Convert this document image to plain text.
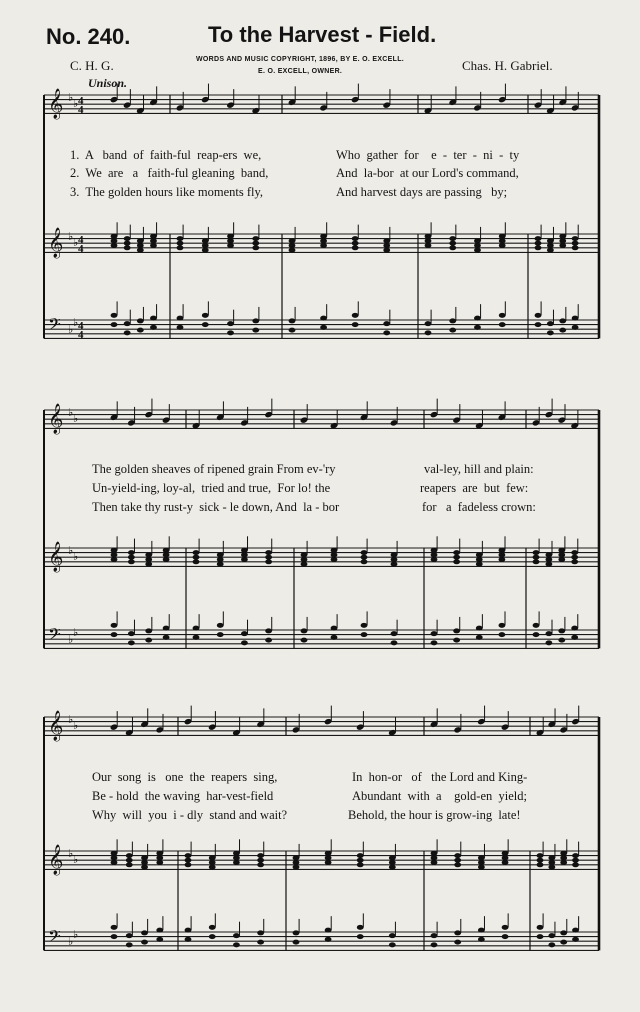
No. 240.	To the Harvest - Field.
WORDS AND MUSIC COPYRIGHT, 1896, BY E. O. EXCELL.
E. O. EXCELL, OWNER.
C. H. G.
Unison.
Chas. H. Gabriel.
𝄞 ♭ ♭ 4
4
𝄞 ♭ ♭ 4
4
𝄢 ♭
♭ 4
4
𝄞 ♭ ♭
𝄞 ♭ ♭
𝄢 ♭
♭
𝄞 ♭ ♭
𝄞 ♭ ♭
𝄢 ♭
♭
1.  A   band  of  faith-ful  reap-ers  we,	Who  gather  for    e  -  ter  -  ni  -  ty
2.  We  are   a   faith-ful gleaning  band,	And  la-bor  at our Lord's command,
3.  The golden hours like moments fly,	And harvest days are passing   by;
The golden sheaves of ripened grain From ev-'ry	val-ley, hill and plain:
Un-yield-ing, loy-al,  tried and true,  For lo! the	reapers  are  but  few:
Then take thy rust-y  sick - le down, And  la - bor	for   a  fadeless crown:
Our  song  is   one  the  reapers  sing,	In  hon-or   of   the Lord and King-
Be - hold  the waving  har-vest-field	Abundant  with  a    gold-en  yield;
Why  will  you  i - dly  stand and wait?	Behold, the hour is grow-ing  late!
